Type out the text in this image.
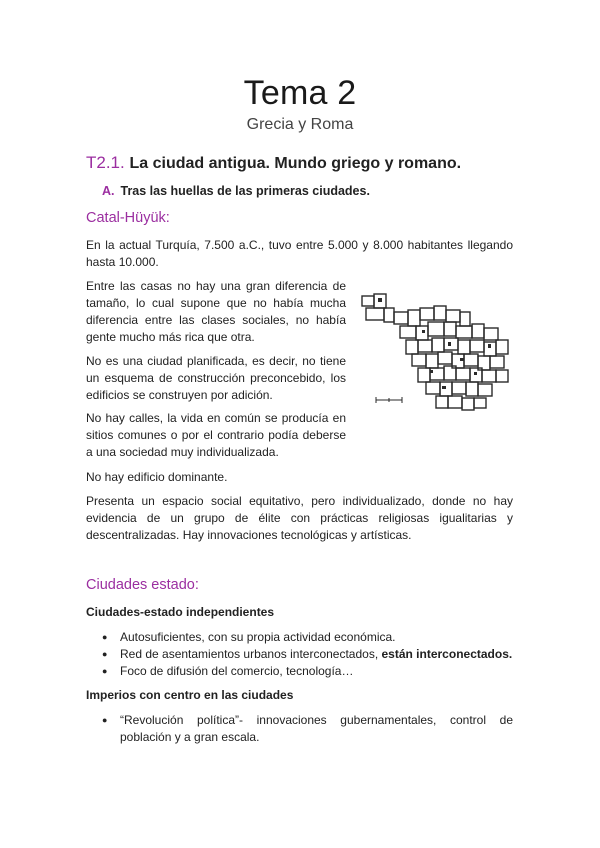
Tema 2
Grecia y Roma
T2.1. La ciudad antigua. Mundo griego y romano.
A. Tras las huellas de las primeras ciudades.
Catal-Hüyük:

En la actual Turquía, 7.500 a.C., tuvo entre 5.000 y 8.000 habitantes llegando hasta 10.000.

Entre las casas no hay una gran diferencia de tamaño, lo cual supone que no había mucha diferencia entre las clases sociales, no había gente mucho más rica que otra.

No es una ciudad planificada, es decir, no tiene un esquema de construcción preconcebido, los edificios se construyen por adición.

No hay calles, la vida en común se producía en sitios comunes o por el contrario podía deberse a una sociedad muy individualizada.

No hay edificio dominante.

Presenta un espacio social equitativo, pero individualizado, donde no hay evidencia de un grupo de élite con prácticas religiosas igualitarias y descentralizadas. Hay innovaciones tecnológicas y artísticas.

Ciudades estado:
Ciudades-estado independientes
● Autosuficientes, con su propia actividad económica.
● Red de asentamientos urbanos interconectados, están interconectados.
● Foco de difusión del comercio, tecnología…
Imperios con centro en las ciudades
● “Revolución política”- innovaciones gubernamentales, control de población y a gran escala.
